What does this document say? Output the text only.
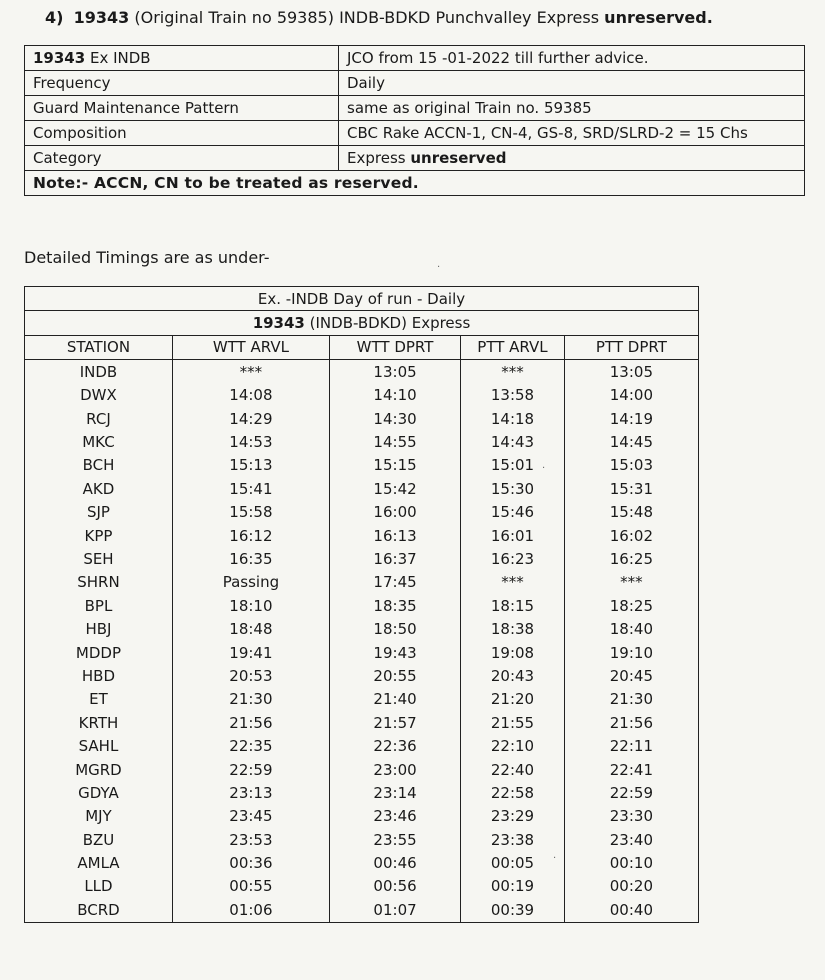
4) 19343 (Original Train no 59385) INDB-BDKD Punchvalley Express unreserved.
19343 Ex INDB	JCO from 15 -01-2022 till further advice.
Frequency	Daily
Guard Maintenance Pattern	same as original Train no. 59385
Composition	CBC Rake ACCN-1, CN-4, GS-8, SRD/SLRD-2 = 15 Chs
Category	Express unreserved
Note:- ACCN, CN to be treated as reserved.	
Detailed Timings are as under-
Ex. -INDB Day of run - Daily				
19343 (INDB-BDKD) Express				
STATION	WTT ARVL	WTT DPRT	PTT ARVL	PTT DPRT
INDB	***	13:05	***	13:05
DWX	14:08	14:10	13:58	14:00
RCJ	14:29	14:30	14:18	14:19
MKC	14:53	14:55	14:43	14:45
BCH	15:13	15:15	15:01	15:03
AKD	15:41	15:42	15:30	15:31
SJP	15:58	16:00	15:46	15:48
KPP	16:12	16:13	16:01	16:02
SEH	16:35	16:37	16:23	16:25
SHRN	Passing	17:45	***	***
BPL	18:10	18:35	18:15	18:25
HBJ	18:48	18:50	18:38	18:40
MDDP	19:41	19:43	19:08	19:10
HBD	20:53	20:55	20:43	20:45
ET	21:30	21:40	21:20	21:30
KRTH	21:56	21:57	21:55	21:56
SAHL	22:35	22:36	22:10	22:11
MGRD	22:59	23:00	22:40	22:41
GDYA	23:13	23:14	22:58	22:59
MJY	23:45	23:46	23:29	23:30
BZU	23:53	23:55	23:38	23:40
AMLA	00:36	00:46	00:05	00:10
LLD	00:55	00:56	00:19	00:20
BCRD	01:06	01:07	00:39	00:40
·
·
·
